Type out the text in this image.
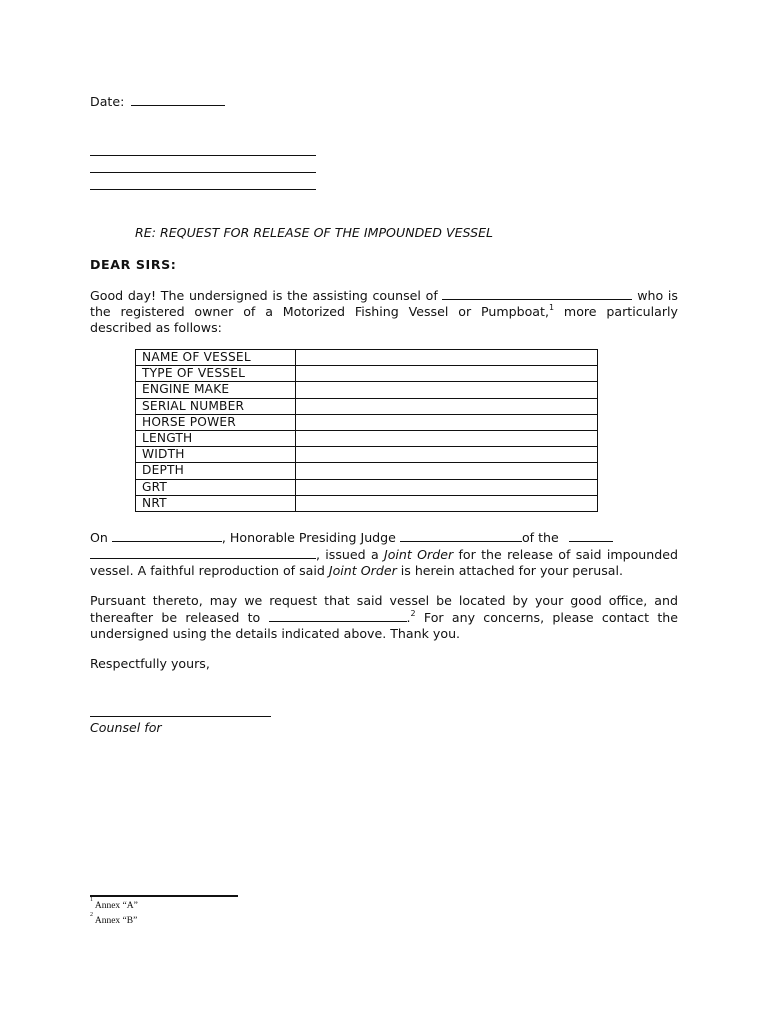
Date:
RE: REQUEST FOR RELEASE OF THE IMPOUNDED VESSEL
DEAR SIRS:
Good day! The undersigned is the assisting counsel of	who is
the registered owner of a Motorized Fishing Vessel or Pumpboat,$^1$ more particularly
described as follows:
NAME OF VESSEL	
TYPE OF VESSEL	
ENGINE MAKE	
SERIAL NUMBER	
HORSE POWER	
LENGTH	
WIDTH	
DEPTH	
GRT	
NRT	
On	, Honorable Presiding Judge	of the
, issued a Joint Order for the release of said impounded
vessel. A faithful reproduction of said Joint Order is herein attached for your perusal.
Pursuant thereto, may we request that said vessel be located by your good office, and
thereafter be released to	.$^2$ For any concerns, please contact the
undersigned using the details indicated above. Thank you.
Respectfully yours,
Counsel for
$^1$ Annex “A”
$^2$ Annex “B”
